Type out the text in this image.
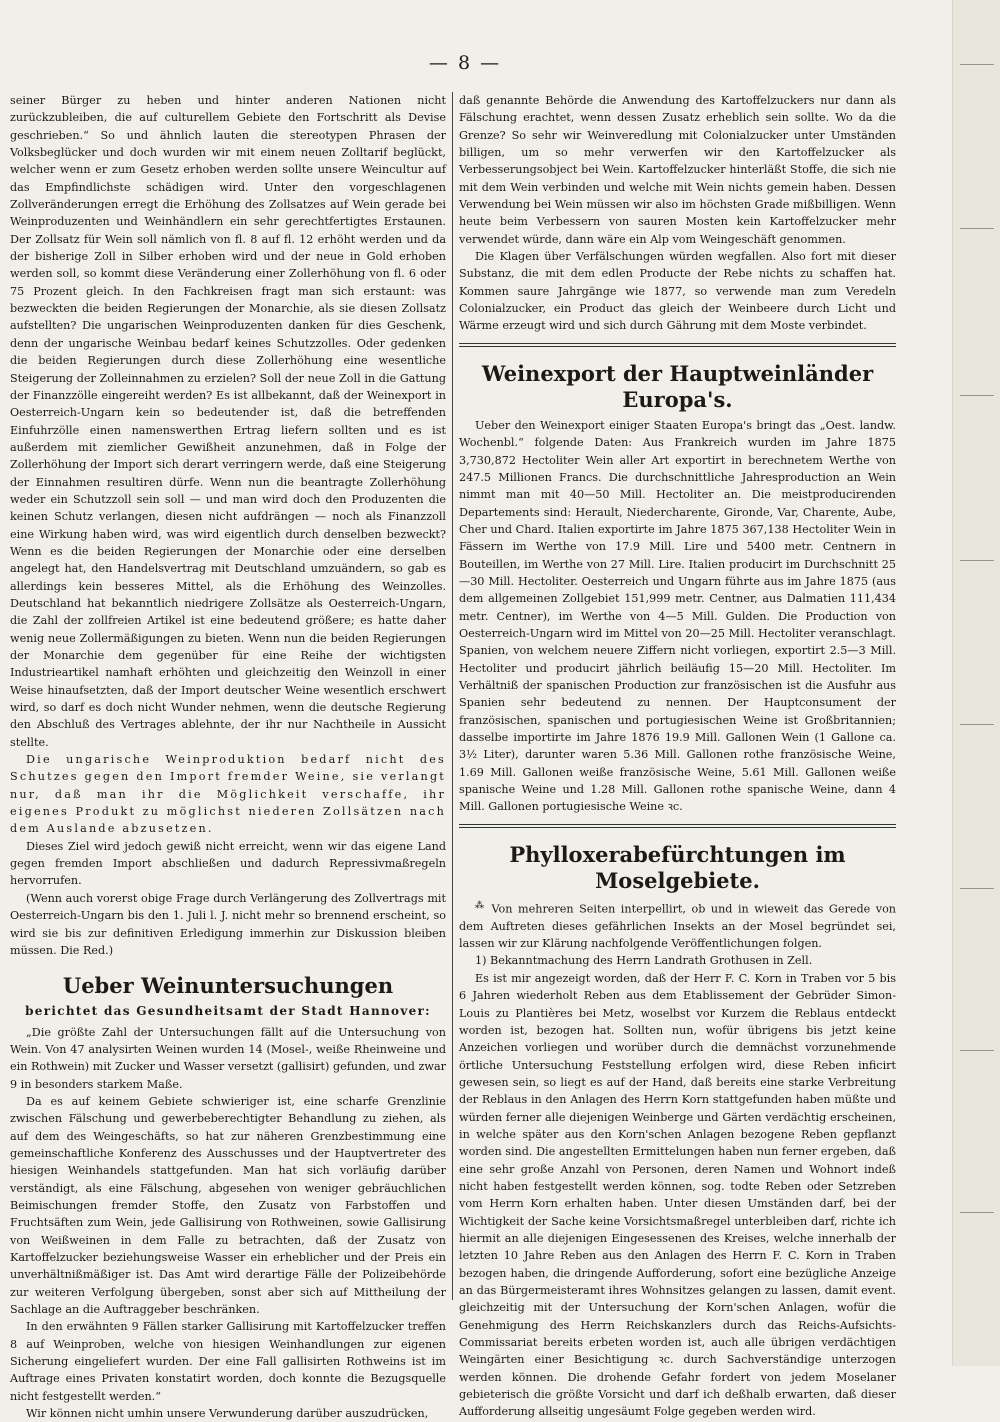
— 8 —

seiner Bürger zu heben und hinter anderen Nationen nicht zurückzubleiben, die auf culturellem Gebiete den Fortschritt als Devise geschrieben.“ So und ähnlich lauten die stereotypen Phrasen der Volksbeglücker und doch wurden wir mit einem neuen Zolltarif beglückt, welcher wenn er zum Gesetz erhoben werden sollte unsere Weincultur auf das Empfindlichste schädigen wird. Unter den vorgeschlagenen Zollveränderungen erregt die Erhöhung des Zollsatzes auf Wein gerade bei Weinproduzenten und Weinhändlern ein sehr gerechtfertigtes Erstaunen. Der Zollsatz für Wein soll nämlich von fl. 8 auf fl. 12 erhöht werden und da der bisherige Zoll in Silber erhoben wird und der neue in Gold erhoben werden soll, so kommt diese Veränderung einer Zollerhöhung von fl. 6 oder 75 Prozent gleich. In den Fachkreisen fragt man sich erstaunt: was bezweckten die beiden Regierungen der Monarchie, als sie diesen Zollsatz aufstellten? Die ungarischen Weinproduzenten danken für dies Geschenk, denn der ungarische Weinbau bedarf keines Schutzzolles. Oder gedenken die beiden Regierungen durch diese Zollerhöhung eine wesentliche Steigerung der Zolleinnahmen zu erzielen? Soll der neue Zoll in die Gattung der Finanzzölle eingereiht werden? Es ist allbekannt, daß der Weinexport in Oesterreich-Ungarn kein so bedeutender ist, daß die betreffenden Einfuhrzölle einen namenswerthen Ertrag liefern sollten und es ist außerdem mit ziemlicher Gewißheit anzunehmen, daß in Folge der Zollerhöhung der Import sich derart verringern werde, daß eine Steigerung der Einnahmen resultiren dürfe. Wenn nun die beantragte Zollerhöhung weder ein Schutzzoll sein soll — und man wird doch den Produzenten die keinen Schutz verlangen, diesen nicht aufdrängen — noch als Finanzzoll eine Wirkung haben wird, was wird eigentlich durch denselben bezweckt? Wenn es die beiden Regierungen der Monarchie oder eine derselben angelegt hat, den Handelsvertrag mit Deutschland umzuändern, so gab es allerdings kein besseres Mittel, als die Erhöhung des Weinzolles. Deutschland hat bekanntlich niedrigere Zollsätze als Oesterreich-Ungarn, die Zahl der zollfreien Artikel ist eine bedeutend größere; es hatte daher wenig neue Zollermäßigungen zu bieten. Wenn nun die beiden Regierungen der Monarchie dem gegenüber für eine Reihe der wichtigsten Industrieartikel namhaft erhöhten und gleichzeitig den Weinzoll in einer Weise hinaufsetzten, daß der Import deutscher Weine wesentlich erschwert wird, so darf es doch nicht Wunder nehmen, wenn die deutsche Regierung den Abschluß des Vertrages ablehnte, der ihr nur Nachtheile in Aussicht stellte.

Die ungarische Weinproduktion bedarf nicht des Schutzes gegen den Import fremder Weine, sie verlangt nur, daß man ihr die Möglichkeit verschaffe, ihr eigenes Produkt zu möglichst niederen Zollsätzen nach dem Auslande abzusetzen.

Dieses Ziel wird jedoch gewiß nicht erreicht, wenn wir das eigene Land gegen fremden Import abschließen und dadurch Repressivmaßregeln hervorrufen.

(Wenn auch vorerst obige Frage durch Verlängerung des Zollvertrags mit Oesterreich-Ungarn bis den 1. Juli l. J. nicht mehr so brennend erscheint, so wird sie bis zur definitiven Erledigung immerhin zur Diskussion bleiben müssen. Die Red.)

Ueber Weinuntersuchungen
berichtet das Gesundheitsamt der Stadt Hannover:

„Die größte Zahl der Untersuchungen fällt auf die Untersuchung von Wein. Von 47 analysirten Weinen wurden 14 (Mosel-, weiße Rheinweine und ein Rothwein) mit Zucker und Wasser versetzt (gallisirt) gefunden, und zwar 9 in besonders starkem Maße.

Da es auf keinem Gebiete schwieriger ist, eine scharfe Grenzlinie zwischen Fälschung und gewerbeberechtigter Behandlung zu ziehen, als auf dem des Weingeschäfts, so hat zur näheren Grenzbestimmung eine gemeinschaftliche Konferenz des Ausschusses und der Hauptvertreter des hiesigen Weinhandels stattgefunden. Man hat sich vorläufig darüber verständigt, als eine Fälschung, abgesehen von weniger gebräuchlichen Beimischungen fremder Stoffe, den Zusatz von Farbstoffen und Fruchtsäften zum Wein, jede Gallisirung von Rothweinen, sowie Gallisirung von Weißweinen in dem Falle zu betrachten, daß der Zusatz von Kartoffelzucker beziehungsweise Wasser ein erheblicher und der Preis ein unverhältnißmäßiger ist. Das Amt wird derartige Fälle der Polizeibehörde zur weiteren Verfolgung übergeben, sonst aber sich auf Mittheilung der Sachlage an die Auftraggeber beschränken.

In den erwähnten 9 Fällen starker Gallisirung mit Kartoffelzucker treffen 8 auf Weinproben, welche von hiesigen Weinhandlungen zur eigenen Sicherung eingeliefert wurden. Der eine Fall gallisirten Rothweins ist im Auftrage eines Privaten konstatirt worden, doch konnte die Bezugsquelle nicht festgestellt werden.“

Wir können nicht umhin unsere Verwunderung darüber auszudrücken,

daß genannte Behörde die Anwendung des Kartoffelzuckers nur dann als Fälschung erachtet, wenn dessen Zusatz erheblich sein sollte. Wo da die Grenze? So sehr wir Weinveredlung mit Colonialzucker unter Umständen billigen, um so mehr verwerfen wir den Kartoffelzucker als Verbesserungsobject bei Wein. Kartoffelzucker hinterläßt Stoffe, die sich nie mit dem Wein verbinden und welche mit Wein nichts gemein haben. Dessen Verwendung bei Wein müssen wir also im höchsten Grade mißbilligen. Wenn heute beim Verbessern von sauren Mosten kein Kartoffelzucker mehr verwendet würde, dann wäre ein Alp vom Weingeschäft genommen.

Die Klagen über Verfälschungen würden wegfallen. Also fort mit dieser Substanz, die mit dem edlen Producte der Rebe nichts zu schaffen hat. Kommen saure Jahrgänge wie 1877, so verwende man zum Veredeln Colonialzucker, ein Product das gleich der Weinbeere durch Licht und Wärme erzeugt wird und sich durch Gährung mit dem Moste verbindet.

Weinexport der Hauptweinländer Europa's.

Ueber den Weinexport einiger Staaten Europa's bringt das „Oest. landw. Wochenbl.“ folgende Daten: Aus Frankreich wurden im Jahre 1875 3,730,872 Hectoliter Wein aller Art exportirt in berechnetem Werthe von 247.5 Millionen Francs. Die durchschnittliche Jahresproduction an Wein nimmt man mit 40—50 Mill. Hectoliter an. Die meistproducirenden Departements sind: Herault, Niedercharente, Gironde, Var, Charente, Aube, Cher und Chard. Italien exportirte im Jahre 1875 367,138 Hectoliter Wein in Fässern im Werthe von 17.9 Mill. Lire und 5400 metr. Centnern in Bouteillen, im Werthe von 27 Mill. Lire. Italien producirt im Durchschnitt 25—30 Mill. Hectoliter. Oesterreich und Ungarn führte aus im Jahre 1875 (aus dem allgemeinen Zollgebiet 151,999 metr. Centner, aus Dalmatien 111,434 metr. Centner), im Werthe von 4—5 Mill. Gulden. Die Production von Oesterreich-Ungarn wird im Mittel von 20—25 Mill. Hectoliter veranschlagt. Spanien, von welchem neuere Ziffern nicht vorliegen, exportirt 2.5—3 Mill. Hectoliter und producirt jährlich beiläufig 15—20 Mill. Hectoliter. Im Verhältniß der spanischen Production zur französischen ist die Ausfuhr aus Spanien sehr bedeutend zu nennen. Der Hauptconsument der französischen, spanischen und portugiesischen Weine ist Großbritannien; dasselbe importirte im Jahre 1876 19.9 Mill. Gallonen Wein (1 Gallone ca. 3½ Liter), darunter waren 5.36 Mill. Gallonen rothe französische Weine, 1.69 Mill. Gallonen weiße französische Weine, 5.61 Mill. Gallonen weiße spanische Weine und 1.28 Mill. Gallonen rothe spanische Weine, dann 4 Mill. Gallonen portugiesische Weine ꝛc.

Phylloxerabefürchtungen im Moselgebiete.

⁂ Von mehreren Seiten interpellirt, ob und in wieweit das Gerede von dem Auftreten dieses gefährlichen Insekts an der Mosel begründet sei, lassen wir zur Klärung nachfolgende Veröffentlichungen folgen.

1) Bekanntmachung des Herrn Landrath Grothusen in Zell.

Es ist mir angezeigt worden, daß der Herr F. C. Korn in Traben vor 5 bis 6 Jahren wiederholt Reben aus dem Etablissement der Gebrüder Simon-Louis zu Plantières bei Metz, woselbst vor Kurzem die Reblaus entdeckt worden ist, bezogen hat. Sollten nun, wofür übrigens bis jetzt keine Anzeichen vorliegen und worüber durch die demnächst vorzunehmende örtliche Untersuchung Feststellung erfolgen wird, diese Reben inficirt gewesen sein, so liegt es auf der Hand, daß bereits eine starke Verbreitung der Reblaus in den Anlagen des Herrn Korn stattgefunden haben müßte und würden ferner alle diejenigen Weinberge und Gärten verdächtig erscheinen, in welche später aus den Korn'schen Anlagen bezogene Reben gepflanzt worden sind. Die angestellten Ermittelungen haben nun ferner ergeben, daß eine sehr große Anzahl von Personen, deren Namen und Wohnort indeß nicht haben festgestellt werden können, sog. todte Reben oder Setzreben vom Herrn Korn erhalten haben. Unter diesen Umständen darf, bei der Wichtigkeit der Sache keine Vorsichtsmaßregel unterbleiben darf, richte ich hiermit an alle diejenigen Eingesessenen des Kreises, welche innerhalb der letzten 10 Jahre Reben aus den Anlagen des Herrn F. C. Korn in Traben bezogen haben, die dringende Aufforderung, sofort eine bezügliche Anzeige an das Bürgermeisteramt ihres Wohnsitzes gelangen zu lassen, damit event. gleichzeitig mit der Untersuchung der Korn'schen Anlagen, wofür die Genehmigung des Herrn Reichskanzlers durch das Reichs-Aufsichts-Commissariat bereits erbeten worden ist, auch alle übrigen verdächtigen Weingärten einer Besichtigung ꝛc. durch Sachverständige unterzogen werden können. Die drohende Gefahr fordert von jedem Moselaner gebieterisch die größte Vorsicht und darf ich deßhalb erwarten, daß dieser Aufforderung allseitig ungesäumt Folge gegeben werden wird.
